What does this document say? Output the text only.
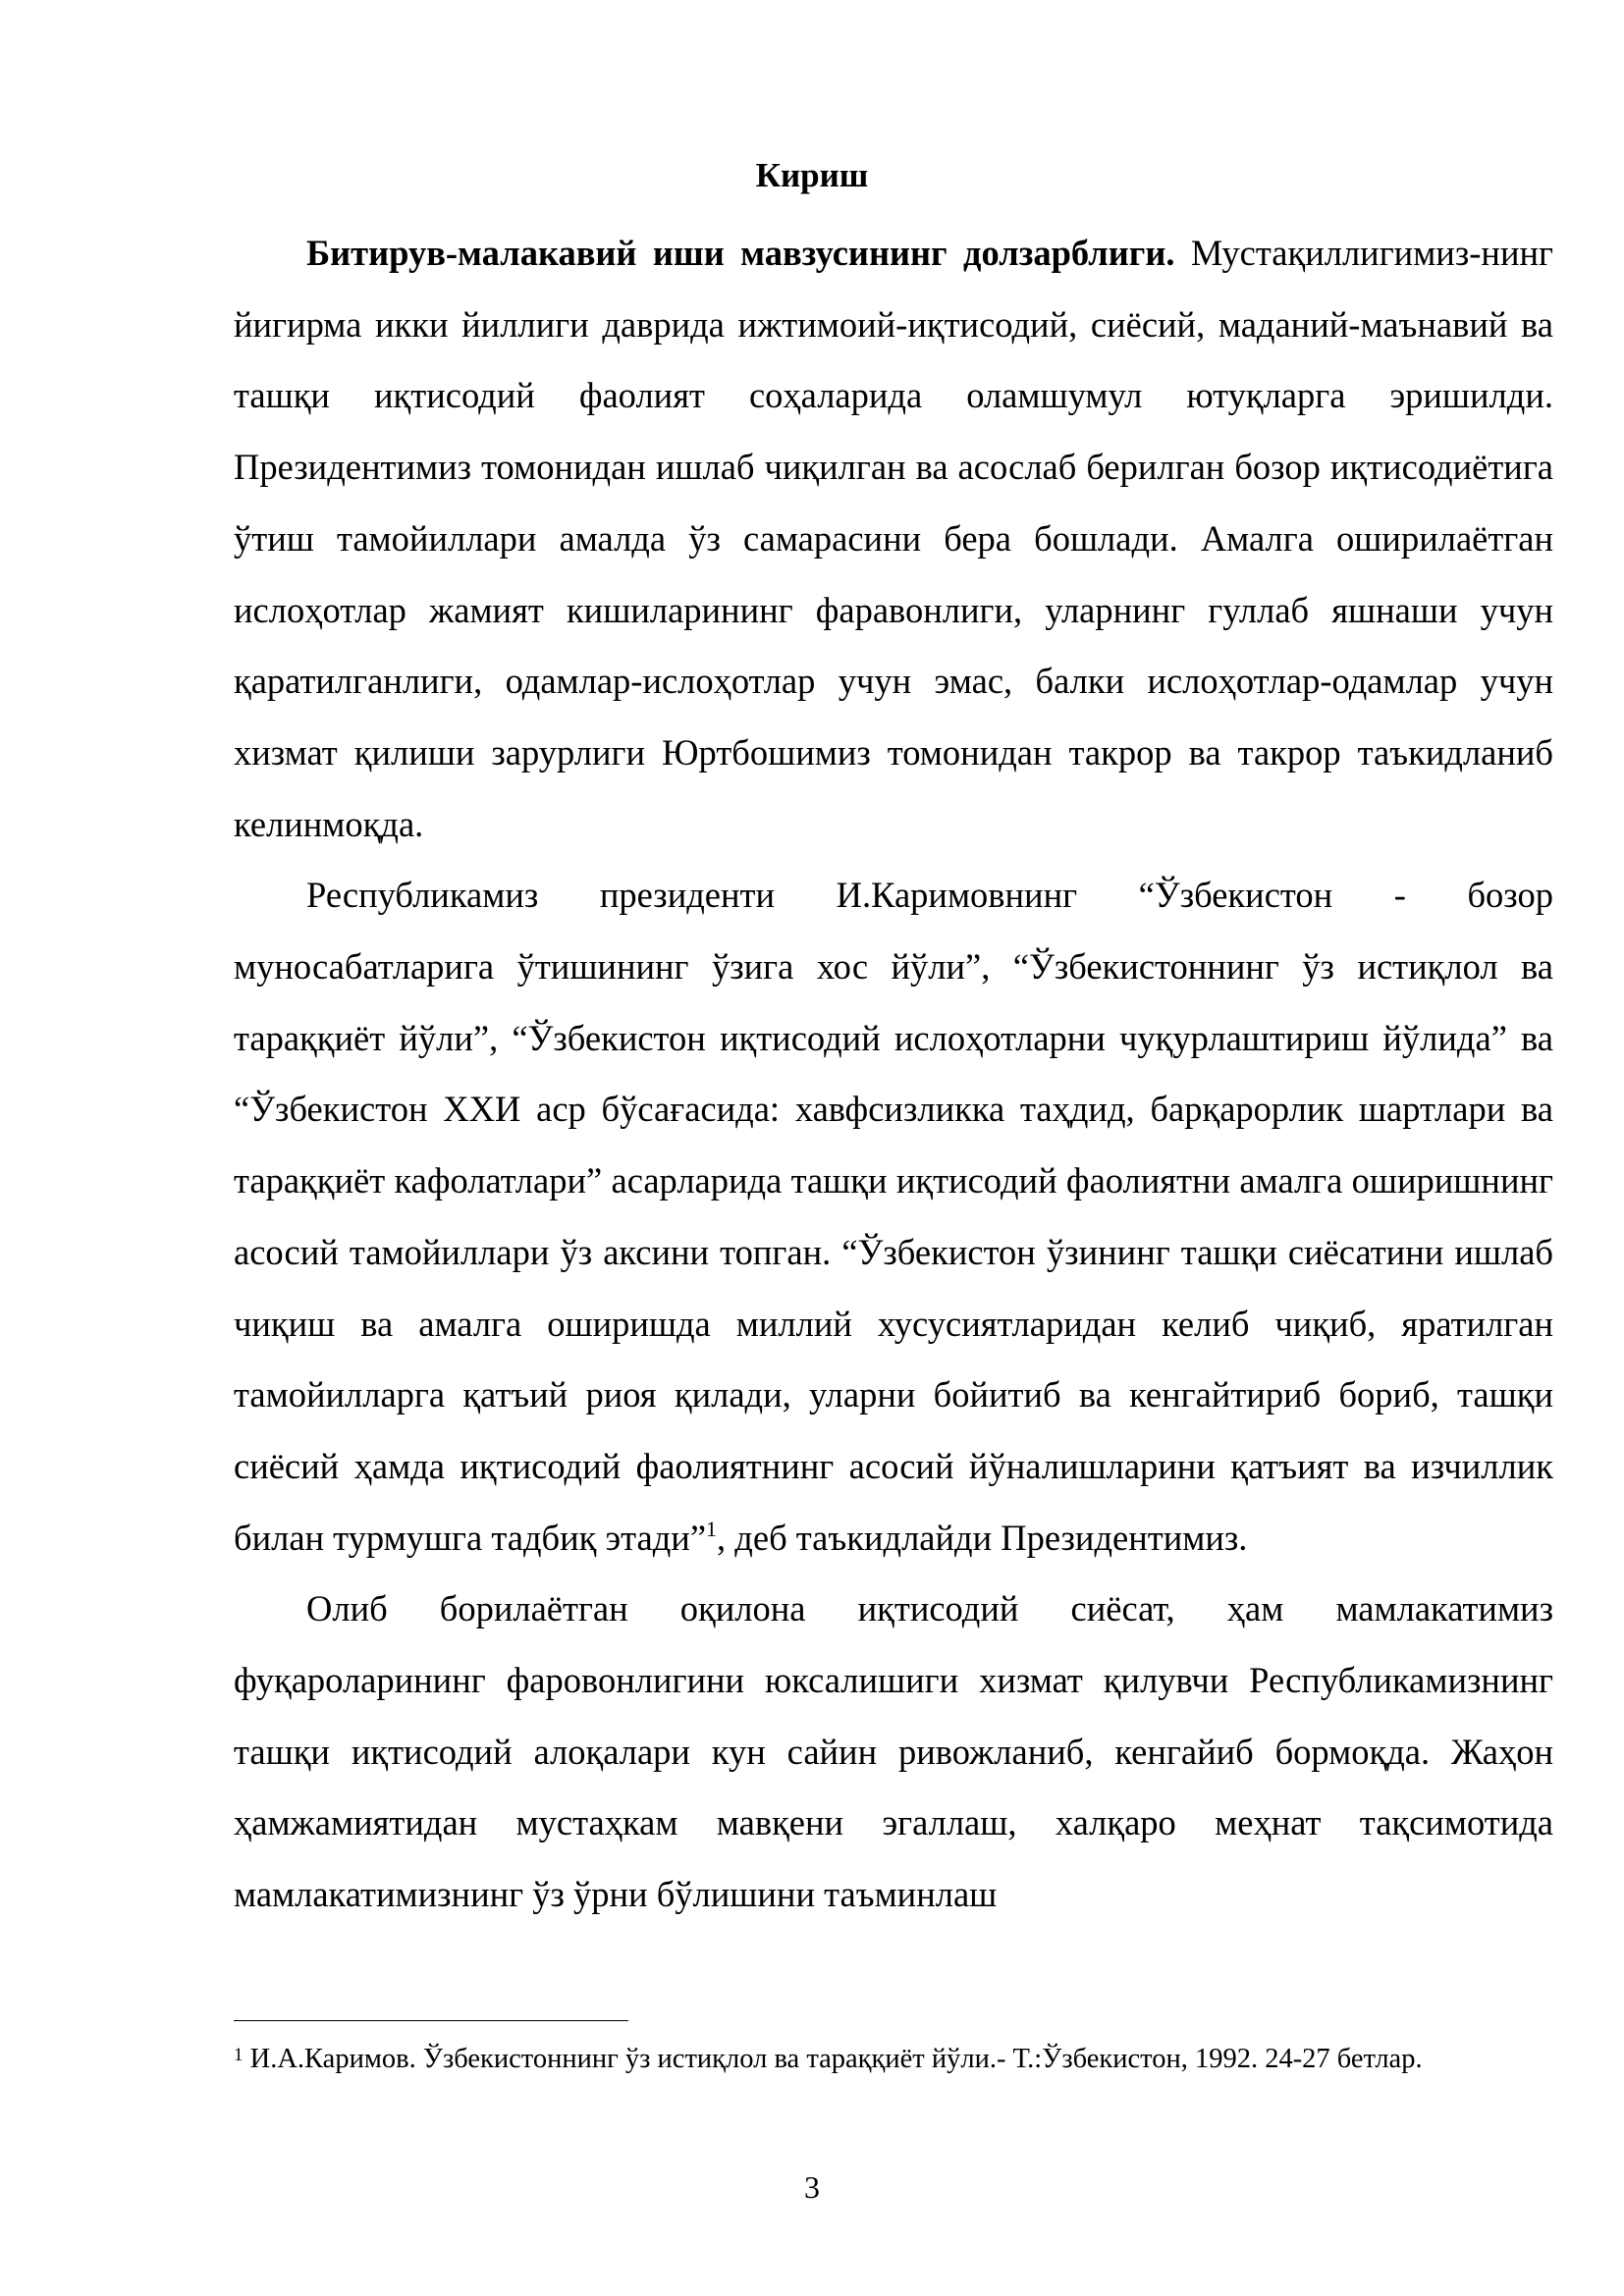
Кириш

Битирув-малакавий иши мавзусининг долзарблиги. Мустақиллигимиз-нинг йигирма икки йиллиги даврида ижтимоий-иқтисодий, сиёсий, маданий-маънавий ва ташқи иқтисодий фаолият соҳаларида оламшумул ютуқларга эришилди. Президентимиз томонидан ишлаб чиқилган ва асослаб берилган бозор иқтисодиётига ўтиш тамойиллари амалда ўз самарасини бера бошлади. Амалга оширилаётган ислоҳотлар жамият кишиларининг фаравонлиги, уларнинг гуллаб яшнаши учун қаратилганлиги, одамлар-ислоҳотлар учун эмас, балки ислоҳотлар-одамлар учун хизмат қилиши зарурлиги Юртбошимиз томонидан такрор ва такрор таъкидланиб келинмоқда.

Республикамиз президенти И.Каримовнинг “Ўзбекистон - бозор муносабатларига ўтишининг ўзига хос йўли”, “Ўзбекистоннинг ўз истиқлол ва тараққиёт йўли”, “Ўзбекистон иқтисодий ислоҳотларни чуқурлаштириш йўлида” ва “Ўзбекистон XXИ аср бўсағасида: хавфсизликка таҳдид, барқарорлик шартлари ва тараққиёт кафолатлари” асарларида ташқи иқтисодий фаолиятни амалга оширишнинг асосий тамойиллари ўз аксини топган. “Ўзбекистон ўзининг ташқи сиёсатини ишлаб чиқиш ва амалга оширишда миллий хусусиятларидан келиб чиқиб, яратилган тамойилларга қатъий риоя қилади, уларни бойитиб ва кенгайтириб бориб, ташқи сиёсий ҳамда иқтисодий фаолиятнинг асосий йўналишларини қатъият ва изчиллик билан турмушга тадбиқ этади”$^1$, деб таъкидлайди Президентимиз.

Олиб борилаётган оқилона иқтисодий сиёсат, ҳам мамлакатимиз фуқароларининг фаровонлигини юксалишиги хизмат қилувчи Республикамизнинг ташқи иқтисодий алоқалари кун сайин ривожланиб, кенгайиб бормоқда. Жаҳон ҳамжамиятидан мустаҳкам мавқени эгаллаш, халқаро меҳнат тақсимотида мамлакатимизнинг ўз ўрни бўлишини таъминлаш

$^1$ И.А.Каримов. Ўзбекистоннинг ўз истиқлол ва тараққиёт йўли.- Т.:Ўзбекистон, 1992. 24-27 бетлар.
3
